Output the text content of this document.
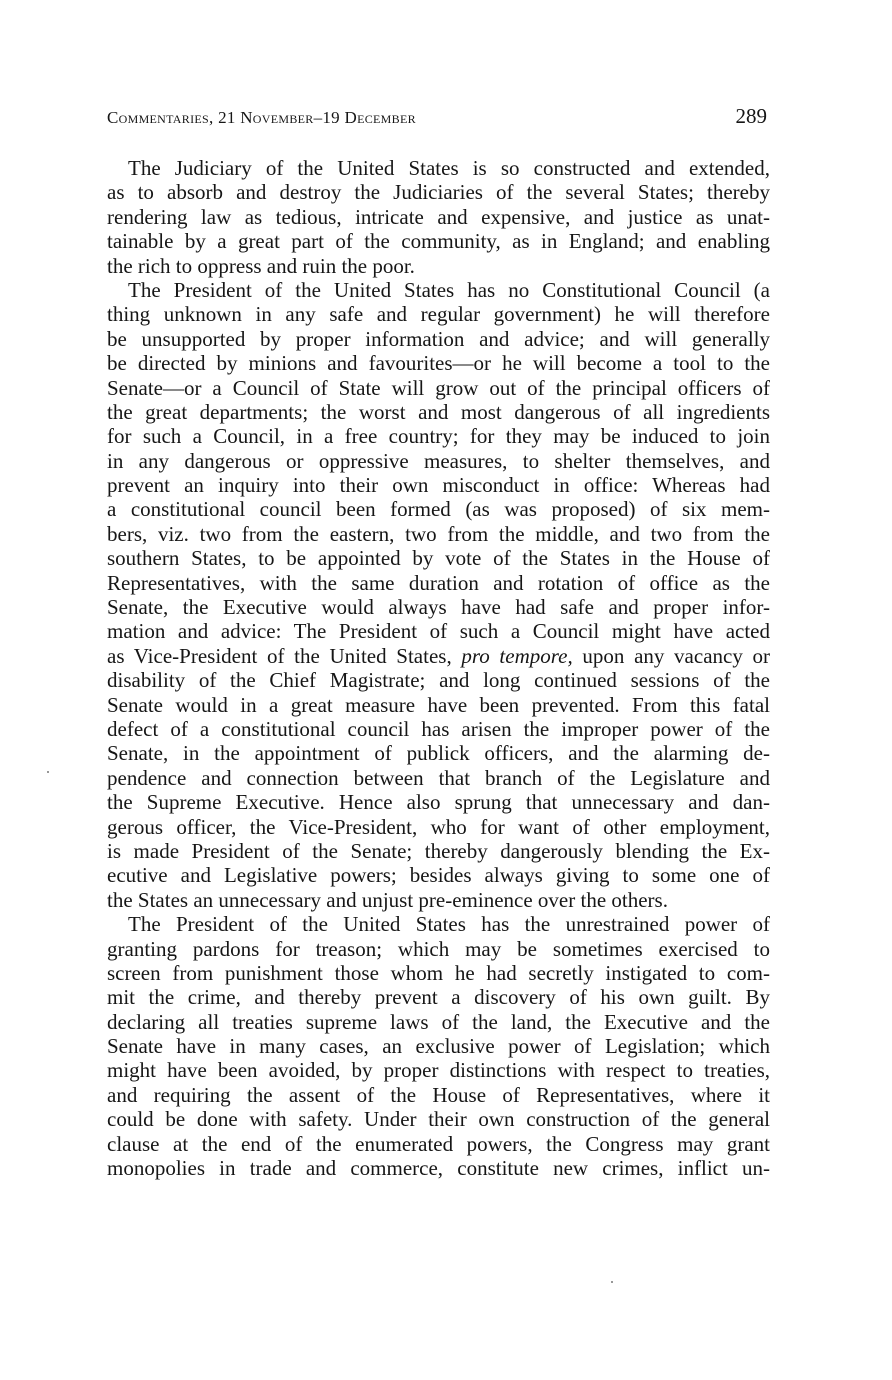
Commentaries, 21 November–19 December	289
The Judiciary of the United States is so constructed and extended,
as to absorb and destroy the Judiciaries of the several States; thereby
rendering law as tedious, intricate and expensive, and justice as unat-
tainable by a great part of the community, as in England; and enabling
the rich to oppress and ruin the poor.
The President of the United States has no Constitutional Council (a
thing unknown in any safe and regular government) he will therefore
be unsupported by proper information and advice; and will generally
be directed by minions and favourites—or he will become a tool to the
Senate—or a Council of State will grow out of the principal officers of
the great departments; the worst and most dangerous of all ingredients
for such a Council, in a free country; for they may be induced to join
in any dangerous or oppressive measures, to shelter themselves, and
prevent an inquiry into their own misconduct in office: Whereas had
a constitutional council been formed (as was proposed) of six mem-
bers, viz. two from the eastern, two from the middle, and two from the
southern States, to be appointed by vote of the States in the House of
Representatives, with the same duration and rotation of office as the
Senate, the Executive would always have had safe and proper infor-
mation and advice: The President of such a Council might have acted
as Vice-President of the United States, pro tempore, upon any vacancy or
disability of the Chief Magistrate; and long continued sessions of the
Senate would in a great measure have been prevented. From this fatal
defect of a constitutional council has arisen the improper power of the
Senate, in the appointment of publick officers, and the alarming de-
pendence and connection between that branch of the Legislature and
the Supreme Executive. Hence also sprung that unnecessary and dan-
gerous officer, the Vice-President, who for want of other employment,
is made President of the Senate; thereby dangerously blending the Ex-
ecutive and Legislative powers; besides always giving to some one of
the States an unnecessary and unjust pre-eminence over the others.
The President of the United States has the unrestrained power of
granting pardons for treason; which may be sometimes exercised to
screen from punishment those whom he had secretly instigated to com-
mit the crime, and thereby prevent a discovery of his own guilt. By
declaring all treaties supreme laws of the land, the Executive and the
Senate have in many cases, an exclusive power of Legislation; which
might have been avoided, by proper distinctions with respect to treaties,
and requiring the assent of the House of Representatives, where it
could be done with safety. Under their own construction of the general
clause at the end of the enumerated powers, the Congress may grant
monopolies in trade and commerce, constitute new crimes, inflict un-
